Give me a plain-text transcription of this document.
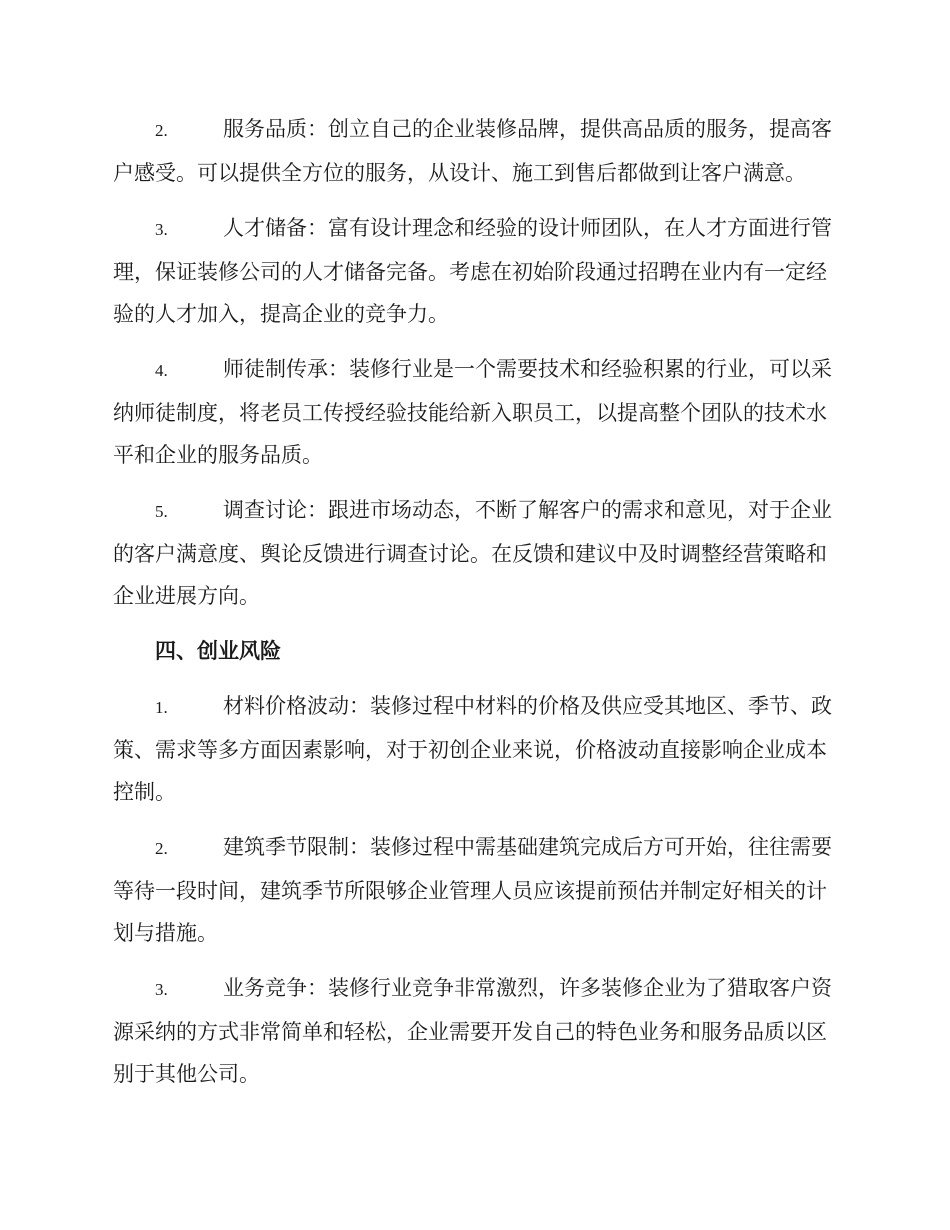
2.	服务品质：创立自己的企业装修品牌，提供高品质的服务，提高客户感受。可以提供全方位的服务，从设计、施工到售后都做到让客户满意。

3.	人才储备：富有设计理念和经验的设计师团队，在人才方面进行管理，保证装修公司的人才储备完备。考虑在初始阶段通过招聘在业内有一定经验的人才加入，提高企业的竞争力。

4.	师徒制传承：装修行业是一个需要技术和经验积累的行业，可以采纳师徒制度，将老员工传授经验技能给新入职员工，以提高整个团队的技术水平和企业的服务品质。

5.	调查讨论：跟进市场动态，不断了解客户的需求和意见，对于企业的客户满意度、舆论反馈进行调查讨论。在反馈和建议中及时调整经营策略和企业进展方向。

四、创业风险

1.	材料价格波动：装修过程中材料的价格及供应受其地区、季节、政策、需求等多方面因素影响，对于初创企业来说，价格波动直接影响企业成本控制。

2.	建筑季节限制：装修过程中需基础建筑完成后方可开始，往往需要等待一段时间，建筑季节所限够企业管理人员应该提前预估并制定好相关的计划与措施。

3.	业务竞争：装修行业竞争非常激烈，许多装修企业为了猎取客户资源采纳的方式非常简单和轻松，企业需要开发自己的特色业务和服务品质以区别于其他公司。
